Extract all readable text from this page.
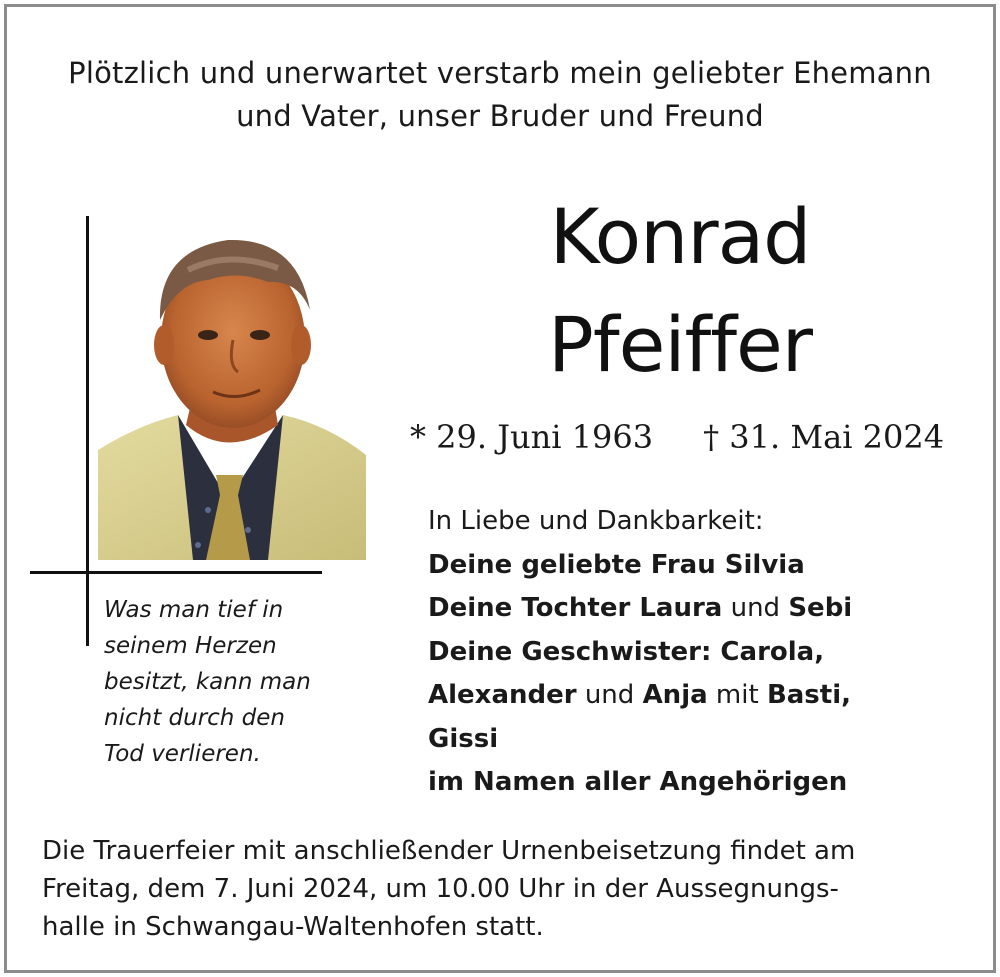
Plötzlich und unerwartet verstarb mein geliebter Ehemann
und Vater, unser Bruder und Freund
Konrad
Pfeiffer
* 29. Juni 1963 † 31. Mai 2024
Was man tief in
seinem Herzen
besitzt, kann man
nicht durch den
Tod verlieren.
In Liebe und Dankbarkeit:
Deine geliebte Frau Silvia
Deine Tochter Laura und Sebi
Deine Geschwister: Carola,
Alexander und Anja mit Basti,
Gissi
im Namen aller Angehörigen
Die Trauerfeier mit anschließender Urnenbeisetzung findet am
Freitag, dem 7. Juni 2024, um 10.00 Uhr in der Aussegnungs-
halle in Schwangau-Waltenhofen statt.
